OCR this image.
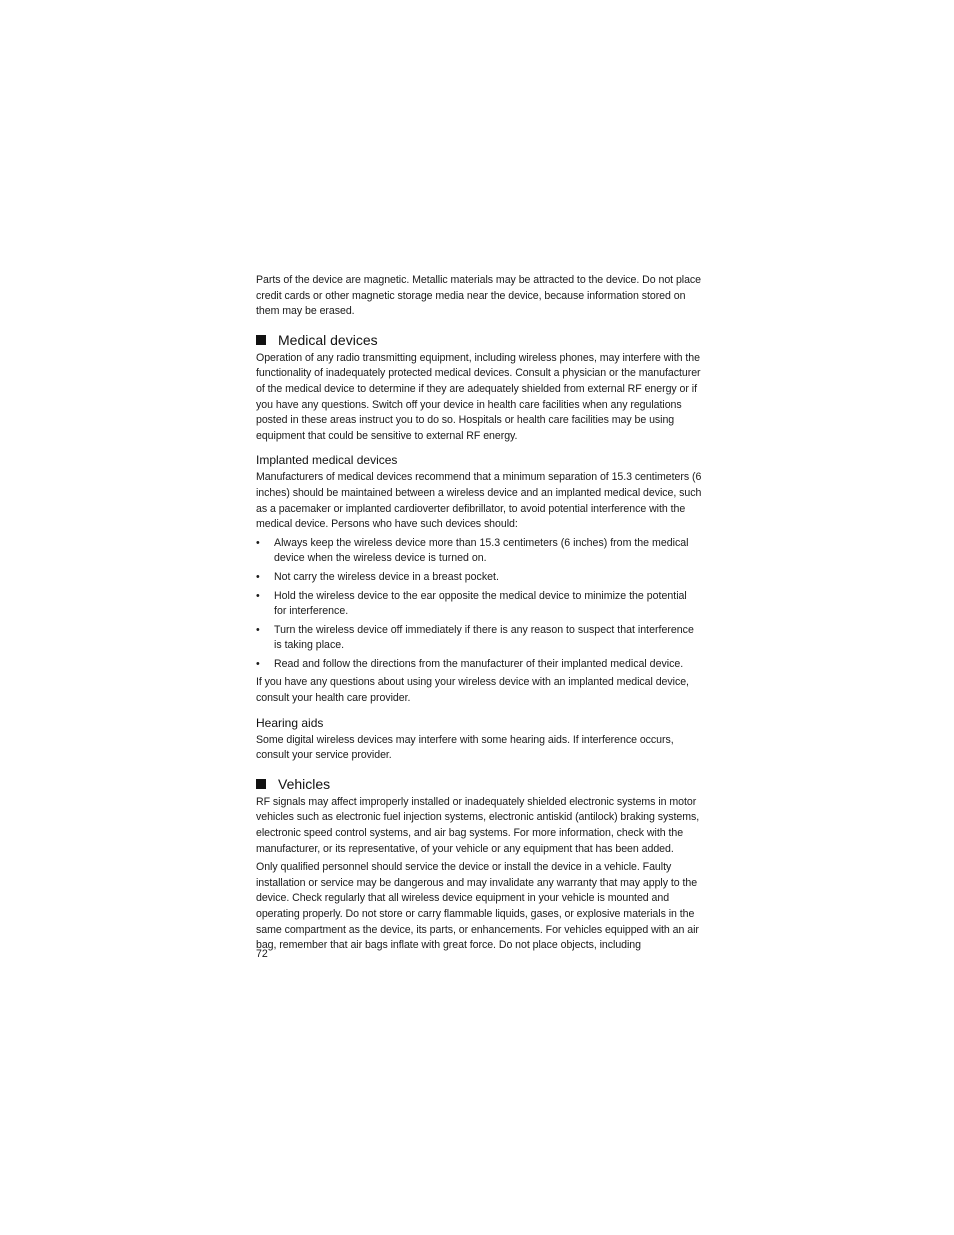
Parts of the device are magnetic. Metallic materials may be attracted to the device. Do not place credit cards or other magnetic storage media near the device, because information stored on them may be erased.

Medical devices

Operation of any radio transmitting equipment, including wireless phones, may interfere with the functionality of inadequately protected medical devices. Consult a physician or the manufacturer of the medical device to determine if they are adequately shielded from external RF energy or if you have any questions. Switch off your device in health care facilities when any regulations posted in these areas instruct you to do so. Hospitals or health care facilities may be using equipment that could be sensitive to external RF energy.

Implanted medical devices

Manufacturers of medical devices recommend that a minimum separation of 15.3 centimeters (6 inches) should be maintained between a wireless device and an implanted medical device, such as a pacemaker or implanted cardioverter defibrillator, to avoid potential interference with the medical device. Persons who have such devices should:

• Always keep the wireless device more than 15.3 centimeters (6 inches) from the medical device when the wireless device is turned on.
• Not carry the wireless device in a breast pocket.
• Hold the wireless device to the ear opposite the medical device to minimize the potential for interference.
• Turn the wireless device off immediately if there is any reason to suspect that interference is taking place.
• Read and follow the directions from the manufacturer of their implanted medical device.

If you have any questions about using your wireless device with an implanted medical device, consult your health care provider.

Hearing aids

Some digital wireless devices may interfere with some hearing aids. If interference occurs, consult your service provider.

Vehicles

RF signals may affect improperly installed or inadequately shielded electronic systems in motor vehicles such as electronic fuel injection systems, electronic antiskid (antilock) braking systems, electronic speed control systems, and air bag systems. For more information, check with the manufacturer, or its representative, of your vehicle or any equipment that has been added.

Only qualified personnel should service the device or install the device in a vehicle. Faulty installation or service may be dangerous and may invalidate any warranty that may apply to the device. Check regularly that all wireless device equipment in your vehicle is mounted and operating properly. Do not store or carry flammable liquids, gases, or explosive materials in the same compartment as the device, its parts, or enhancements. For vehicles equipped with an air bag, remember that air bags inflate with great force. Do not place objects, including

72
